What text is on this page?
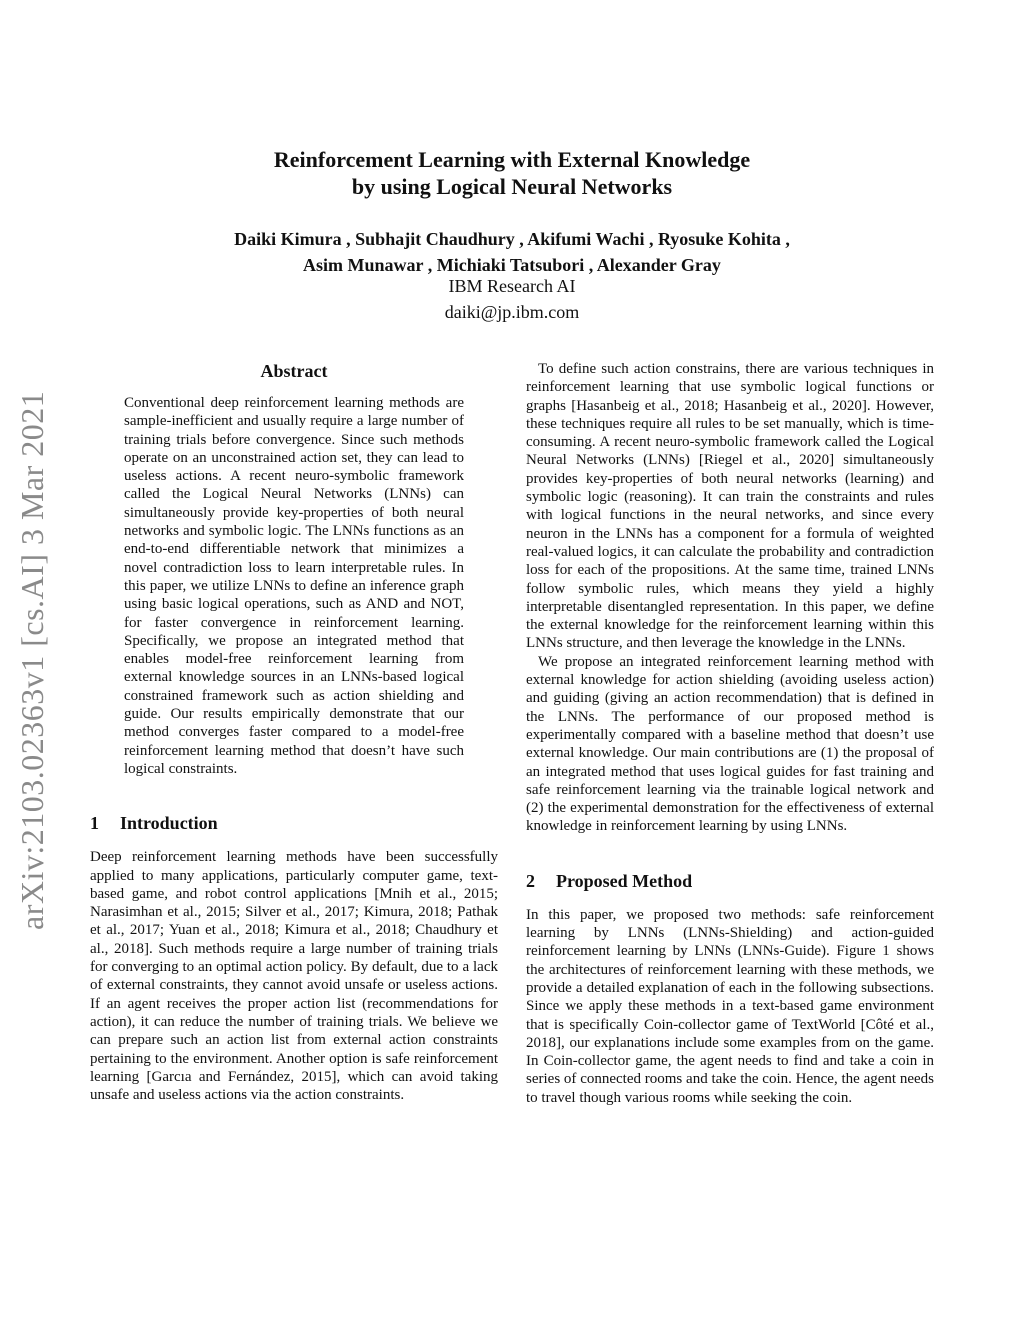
arXiv:2103.02363v1 [cs.AI] 3 Mar 2021
Reinforcement Learning with External Knowledge
by using Logical Neural Networks
Daiki Kimura , Subhajit Chaudhury , Akifumi Wachi , Ryosuke Kohita ,
Asim Munawar , Michiaki Tatsubori , Alexander Gray
IBM Research AI
daiki@jp.ibm.com
Abstract

Conventional deep reinforcement learning methods are sample-inefficient and usually require a large number of training trials before convergence. Since such methods operate on an unconstrained action set, they can lead to useless actions. A recent neuro-symbolic framework called the Logical Neural Networks (LNNs) can simultaneously provide key-properties of both neural networks and symbolic logic. The LNNs functions as an end-to-end differentiable network that minimizes a novel contradiction loss to learn interpretable rules. In this paper, we utilize LNNs to define an inference graph using basic logical operations, such as AND and NOT, for faster convergence in reinforcement learning. Specifically, we propose an integrated method that enables model-free reinforcement learning from external knowledge sources in an LNNs-based logical constrained framework such as action shielding and guide. Our results empirically demonstrate that our method converges faster compared to a model-free reinforcement learning method that doesn’t have such logical constraints.

1 Introduction

Deep reinforcement learning methods have been successfully applied to many applications, particularly computer game, text-based game, and robot control applications [Mnih et al., 2015; Narasimhan et al., 2015; Silver et al., 2017; Kimura, 2018; Pathak et al., 2017; Yuan et al., 2018; Kimura et al., 2018; Chaudhury et al., 2018]. Such methods require a large number of training trials for converging to an optimal action policy. By default, due to a lack of external constraints, they cannot avoid unsafe or useless actions. If an agent receives the proper action list (recommendations for action), it can reduce the number of training trials. We believe we can prepare such an action list from external action constraints pertaining to the environment. Another option is safe reinforcement learning [Garcıa and Fernández, 2015], which can avoid taking unsafe and useless actions via the action constraints.

To define such action constrains, there are various techniques in reinforcement learning that use symbolic logical functions or graphs [Hasanbeig et al., 2018; Hasanbeig et al., 2020]. However, these techniques require all rules to be set manually, which is time-consuming. A recent neuro-symbolic framework called the Logical Neural Networks (LNNs) [Riegel et al., 2020] simultaneously provides key-properties of both neural networks (learning) and symbolic logic (reasoning). It can train the constraints and rules with logical functions in the neural networks, and since every neuron in the LNNs has a component for a formula of weighted real-valued logics, it can calculate the probability and contradiction loss for each of the propositions. At the same time, trained LNNs follow symbolic rules, which means they yield a highly interpretable disentangled representation. In this paper, we define the external knowledge for the reinforcement learning within this LNNs structure, and then leverage the knowledge in the LNNs.

We propose an integrated reinforcement learning method with external knowledge for action shielding (avoiding useless action) and guiding (giving an action recommendation) that is defined in the LNNs. The performance of our proposed method is experimentally compared with a baseline method that doesn’t use external knowledge. Our main contributions are (1) the proposal of an integrated method that uses logical guides for fast training and safe reinforcement learning via the trainable logical network and (2) the experimental demonstration for the effectiveness of external knowledge in reinforcement learning by using LNNs.

2 Proposed Method

In this paper, we proposed two methods: safe reinforcement learning by LNNs (LNNs-Shielding) and action-guided reinforcement learning by LNNs (LNNs-Guide). Figure 1 shows the architectures of reinforcement learning with these methods, we provide a detailed explanation of each in the following subsections. Since we apply these methods in a text-based game environment that is specifically Coin-collector game of TextWorld [Côté et al., 2018], our explanations include some examples from on the game. In Coin-collector game, the agent needs to find and take a coin in series of connected rooms and take the coin. Hence, the agent needs to travel though various rooms while seeking the coin.
